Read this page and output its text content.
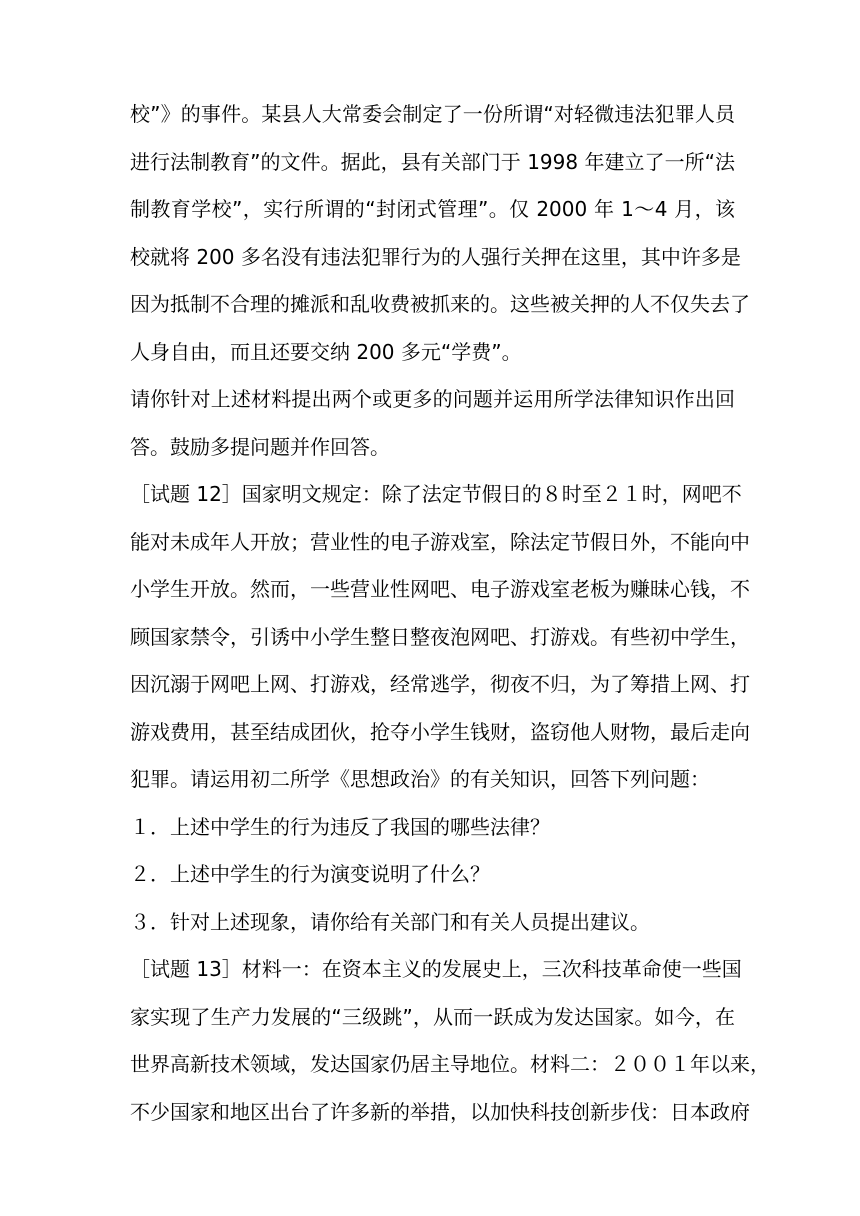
校”》的事件。某县人大常委会制定了一份所谓“对轻微违法犯罪人员
进行法制教育”的文件。据此，县有关部门于 1998 年建立了一所“法
制教育学校”，实行所谓的“封闭式管理”。仅 2000 年 1～4 月，该
校就将 200 多名没有违法犯罪行为的人强行关押在这里，其中许多是
因为抵制不合理的摊派和乱收费被抓来的。这些被关押的人不仅失去了
人身自由，而且还要交纳 200 多元“学费”。
请你针对上述材料提出两个或更多的问题并运用所学法律知识作出回
答。鼓励多提问题并作回答。
［试题 12］国家明文规定：除了法定节假日的８时至２１时，网吧不
能对未成年人开放；营业性的电子游戏室，除法定节假日外，不能向中
小学生开放。然而，一些营业性网吧、电子游戏室老板为赚昧心钱，不
顾国家禁令，引诱中小学生整日整夜泡网吧、打游戏。有些初中学生，
因沉溺于网吧上网、打游戏，经常逃学，彻夜不归，为了筹措上网、打
游戏费用，甚至结成团伙，抢夺小学生钱财，盗窃他人财物，最后走向
犯罪。请运用初二所学《思想政治》的有关知识，回答下列问题：
１．上述中学生的行为违反了我国的哪些法律？
２．上述中学生的行为演变说明了什么？
３．针对上述现象，请你给有关部门和有关人员提出建议。
［试题 13］材料一：在资本主义的发展史上，三次科技革命使一些国
家实现了生产力发展的“三级跳”，从而一跃成为发达国家。如今，在
世界高新技术领域，发达国家仍居主导地位。材料二：２００１年以来，
不少国家和地区出台了许多新的举措，以加快科技创新步伐：日本政府
